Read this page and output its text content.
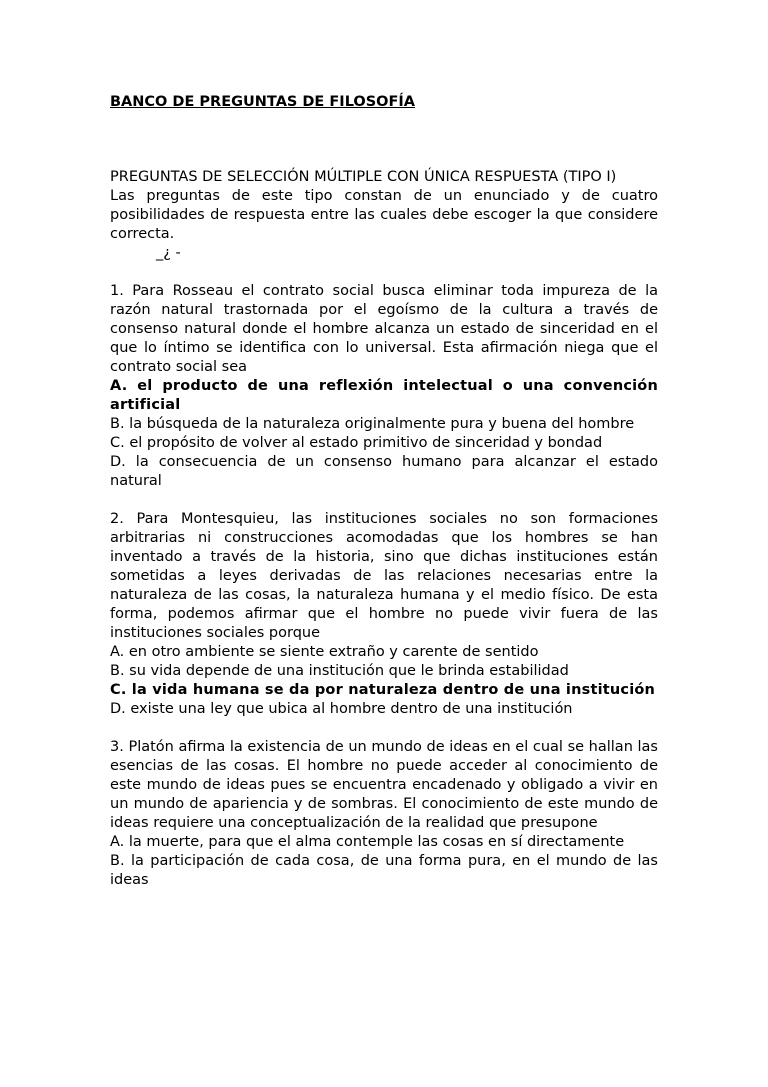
BANCO DE PREGUNTAS DE FILOSOFÍA

PREGUNTAS DE SELECCIÓN MÚLTIPLE CON ÚNICA RESPUESTA (TIPO I)

Las preguntas de este tipo constan de un enunciado y de cuatro posibilidades de respuesta entre las cuales debe escoger la que considere correcta.

_¿ -

1. Para Rosseau el contrato social busca eliminar toda impureza de la razón natural trastornada por el egoísmo de la cultura a través de consenso natural donde el hombre alcanza un estado de sinceridad en el que lo íntimo se identifica con lo universal. Esta afirmación niega que el contrato social sea

A. el producto de una reflexión intelectual o una convención artificial

B. la búsqueda de la naturaleza originalmente pura y buena del hombre

C. el propósito de volver al estado primitivo de sinceridad y bondad

D. la consecuencia de un consenso humano para alcanzar el estado natural

2. Para Montesquieu, las instituciones sociales no son formaciones arbitrarias ni construcciones acomodadas que los hombres se han inventado a través de la historia, sino que dichas instituciones están sometidas a leyes derivadas de las relaciones necesarias entre la naturaleza de las cosas, la naturaleza humana y el medio físico. De esta forma, podemos afirmar que el hombre no puede vivir fuera de las instituciones sociales porque

A. en otro ambiente se siente extraño y carente de sentido

B. su vida depende de una institución que le brinda estabilidad

C. la vida humana se da por naturaleza dentro de una institución

D. existe una ley que ubica al hombre dentro de una institución

3. Platón afirma la existencia de un mundo de ideas en el cual se hallan las esencias de las cosas. El hombre no puede acceder al conocimiento de este mundo de ideas pues se encuentra encadenado y obligado a vivir en un mundo de apariencia y de sombras. El conocimiento de este mundo de ideas requiere una conceptualización de la realidad que presupone

A. la muerte, para que el alma contemple las cosas en sí directamente

B. la participación de cada cosa, de una forma pura, en el mundo de las ideas
